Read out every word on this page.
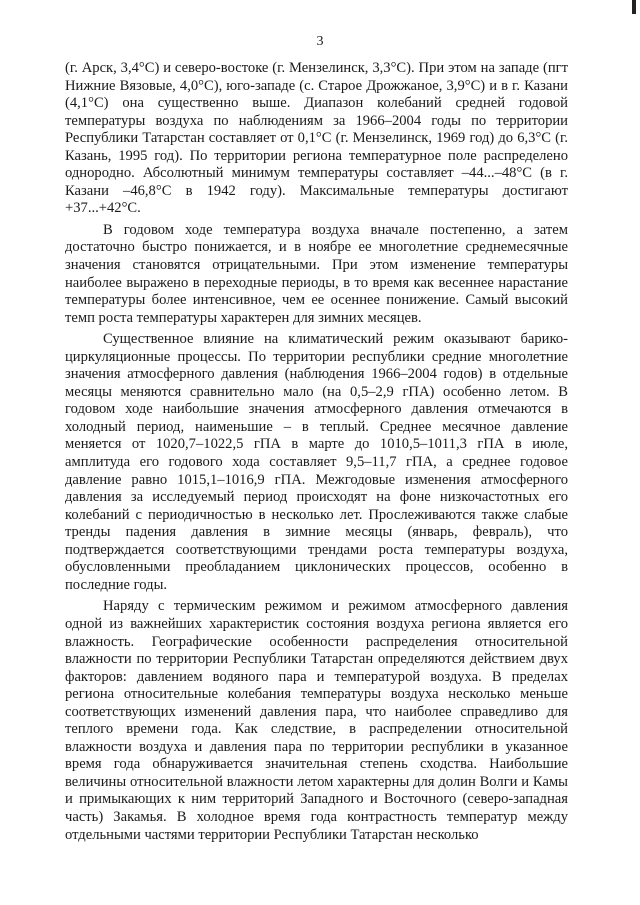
3

(г. Арск, 3,4°С) и северо-востоке (г. Мензелинск, 3,3°С). При этом на западе (пгт Нижние Вязовые, 4,0°С), юго-западе (с. Старое Дрожжаное, 3,9°С) и в г. Казани (4,1°С) она существенно выше. Диапазон колебаний средней годовой температуры воздуха по наблюдениям за 1966–2004 годы по территории Республики Татарстан составляет от 0,1°С (г. Мензелинск, 1969 год) до 6,3°С (г. Казань, 1995 год). По территории региона температурное поле распределено однородно. Абсолютный минимум температуры составляет –44...–48°С (в г. Казани –46,8°С в 1942 году). Максимальные температуры достигают +37...+42°С.

В годовом ходе температура воздуха вначале постепенно, а затем достаточно быстро понижается, и в ноябре ее многолетние среднемесячные значения становятся отрицательными. При этом изменение температуры наиболее выражено в переходные периоды, в то время как весеннее нарастание температуры более интенсивное, чем ее осеннее понижение. Самый высокий темп роста температуры характерен для зимних месяцев.

Существенное влияние на климатический режим оказывают барико-циркуляционные процессы. По территории республики средние многолетние значения атмосферного давления (наблюдения 1966–2004 годов) в отдельные месяцы меняются сравнительно мало (на 0,5–2,9 гПА) особенно летом. В годовом ходе наибольшие значения атмосферного давления отмечаются в холодный период, наименьшие – в теплый. Среднее месячное давление меняется от 1020,7–1022,5 гПА в марте до 1010,5–1011,3 гПА в июле, амплитуда его годового хода составляет 9,5–11,7 гПА, а среднее годовое давление равно 1015,1–1016,9 гПА. Межгодовые изменения атмосферного давления за исследуемый период происходят на фоне низкочастотных его колебаний с периодичностью в несколько лет. Прослеживаются также слабые тренды падения давления в зимние месяцы (январь, февраль), что подтверждается соответствующими трендами роста температуры воздуха, обусловленными преобладанием циклонических процессов, особенно в последние годы.

Наряду с термическим режимом и режимом атмосферного давления одной из важнейших характеристик состояния воздуха региона является его влажность. Географические особенности распределения относительной влажности по территории Республики Татарстан определяются действием двух факторов: давлением водяного пара и температурой воздуха. В пределах региона относительные колебания температуры воздуха несколько меньше соответствующих изменений давления пара, что наиболее справедливо для теплого времени года. Как следствие, в распределении относительной влажности воздуха и давления пара по территории республики в указанное время года обнаруживается значительная степень сходства. Наибольшие величины относительной влажности летом характерны для долин Волги и Камы и примыкающих к ним территорий Западного и Восточного (северо-западная часть) Закамья. В холодное время года контрастность температур между отдельными частями территории Республики Татарстан несколько
